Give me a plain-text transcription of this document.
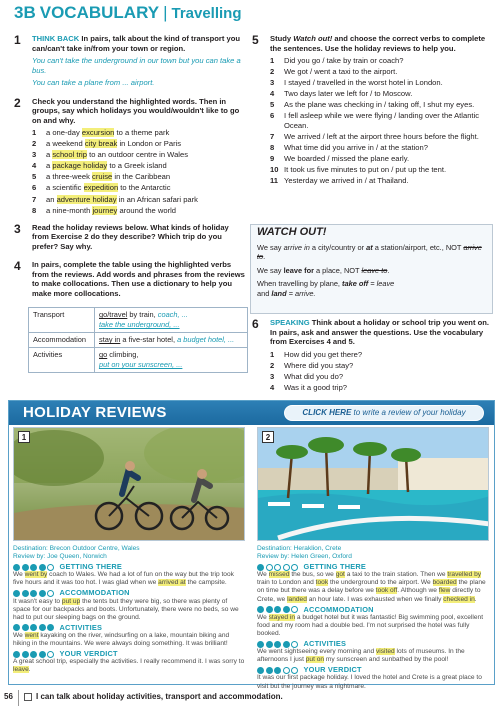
3B VOCABULARY | Travelling
1	THINK BACK In pairs, talk about the kind of transport you can/can't take in/from your town or region.

You can't take the underground in our town but you can take a bus.

You can take a plane from ... airport.

2	Check you understand the highlighted words. Then in groups, say which holidays you would/wouldn't like to go on and why.

1	a one-day excursion to a theme park
2	a weekend city break in London or Paris
3	a school trip to an outdoor centre in Wales
4	a package holiday to a Greek island
5	a three-week cruise in the Caribbean
6	a scientific expedition to the Antarctic
7	an adventure holiday in an African safari park
8	a nine-month journey around the world
3	Read the holiday reviews below. What kinds of holiday from Exercise 2 do they describe? Which trip do you prefer? Say why.

4	In pairs, complete the table using the highlighted verbs from the reviews. Add words and phrases from the reviews to make collocations. Then use a dictionary to help you make more collocations.

Transport	go/travel by train, coach, ...
take the underground, ...
Accommodation	stay in a five-star hotel, a budget hotel, ...
Activities	go climbing,
put on your sunscreen, ...
5	Study Watch out! and choose the correct verbs to complete the sentences. Use the holiday reviews to help you.

1	Did you go / take by train or coach?
2	We got / went a taxi to the airport.
3	I stayed / travelled in the worst hotel in London.
4	Two days later we left for / to Moscow.
5	As the plane was checking in / taking off, I shut my eyes.
6	I fell asleep while we were flying / landing over the Atlantic Ocean.
7	We arrived / left at the airport three hours before the flight.
8	What time did you arrive in / at the station?
9	We boarded / missed the plane early.
10 It took us five minutes to put on / put up the tent.
11 Yesterday we arrived in / at Thailand.
WATCH OUT!

We say arrive in a city/country or at a station/airport, etc., NOT arrive to.

We say leave for a place, NOT leave to.

When travelling by plane, take off = leave
and land = arrive.

6	SPEAKING Think about a holiday or school trip you went on. In pairs, ask and answer the questions. Use the vocabulary from Exercises 4 and 5.

1	How did you get there?
2	Where did you stay?
3	What did you do?
4	Was it a good trip?
HOLIDAY REVIEWS	CLICK HERE to write a review of your holiday
1	2
Destination: Brecon Outdoor Centre, Wales
Review by: Joe Queen, Norwich
GETTING THERE
We went by coach to Wales. We had a lot of fun on the way but the trip took five hours and it was too hot. I was glad when we arrived at the campsite.
ACCOMMODATION
It wasn't easy to put up the tents but they were big, so there was plenty of space for our backpacks and boots. Unfortunately, there were no beds, so we had to put our sleeping bags on the ground.
ACTIVITIES
We went kayaking on the river, windsurfing on a lake, mountain biking and hiking in the mountains. We were always doing something. It was brilliant!
YOUR VERDICT
A great school trip, especially the activities. I really recommend it. I was sorry to leave.
Destination: Heraklion, Crete
Review by: Helen Green, Oxford
GETTING THERE
We missed the bus, so we got a taxi to the train station. Then we travelled by train to London and took the underground to the airport. We boarded the plane on time but there was a delay before we took off. Although we flew directly to Crete, we landed an hour late. I was exhausted when we finally checked in.
ACCOMMODATION
We stayed in a budget hotel but it was fantastic! Big swimming pool, excellent food and my room had a double bed. I'm not surprised the hotel was fully booked.
ACTIVITIES
We went sightseeing every morning and visited lots of museums. In the afternoons I just put on my sunscreen and sunbathed by the pool!
YOUR VERDICT
It was our first package holiday. I loved the hotel and Crete is a great place to visit but the journey was a nightmare.
56	I can talk about holiday activities, transport and accommodation.
